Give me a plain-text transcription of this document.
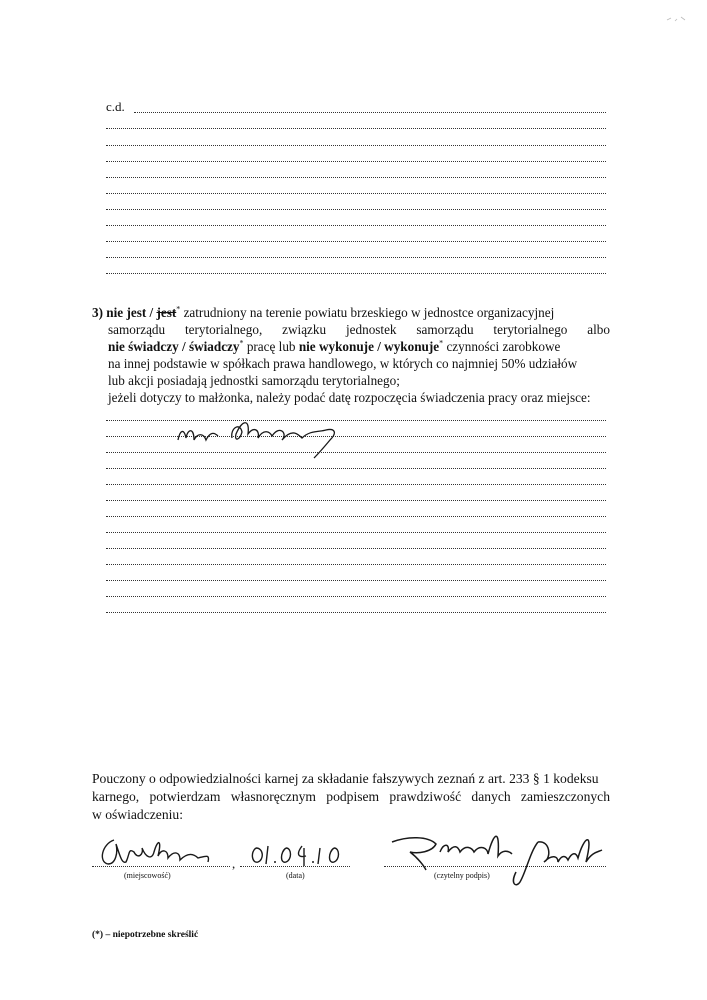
c.d.
3) nie jest / jest* zatrudniony na terenie powiatu brzeskiego w jednostce organizacyjnej
samorządu terytorialnego, związku jednostek samorządu terytorialnego albo
nie świadczy / świadczy* pracę lub nie wykonuje / wykonuje* czynności zarobkowe
na innej podstawie w spółkach prawa handlowego, w których co najmniej 50% udziałów
lub akcji posiadają jednostki samorządu terytorialnego;
jeżeli dotyczy to małżonka, należy podać datę rozpoczęcia świadczenia pracy oraz miejsce:
Pouczony o odpowiedzialności karnej za składanie fałszywych zeznań z art. 233 § 1 kodeksu
karnego, potwierdzam własnoręcznym podpisem prawdziwość danych zamieszczonych
w oświadczeniu:
,
(miejscowość)	(data)	(czytelny podpis)
(*) – niepotrzebne skreślić
